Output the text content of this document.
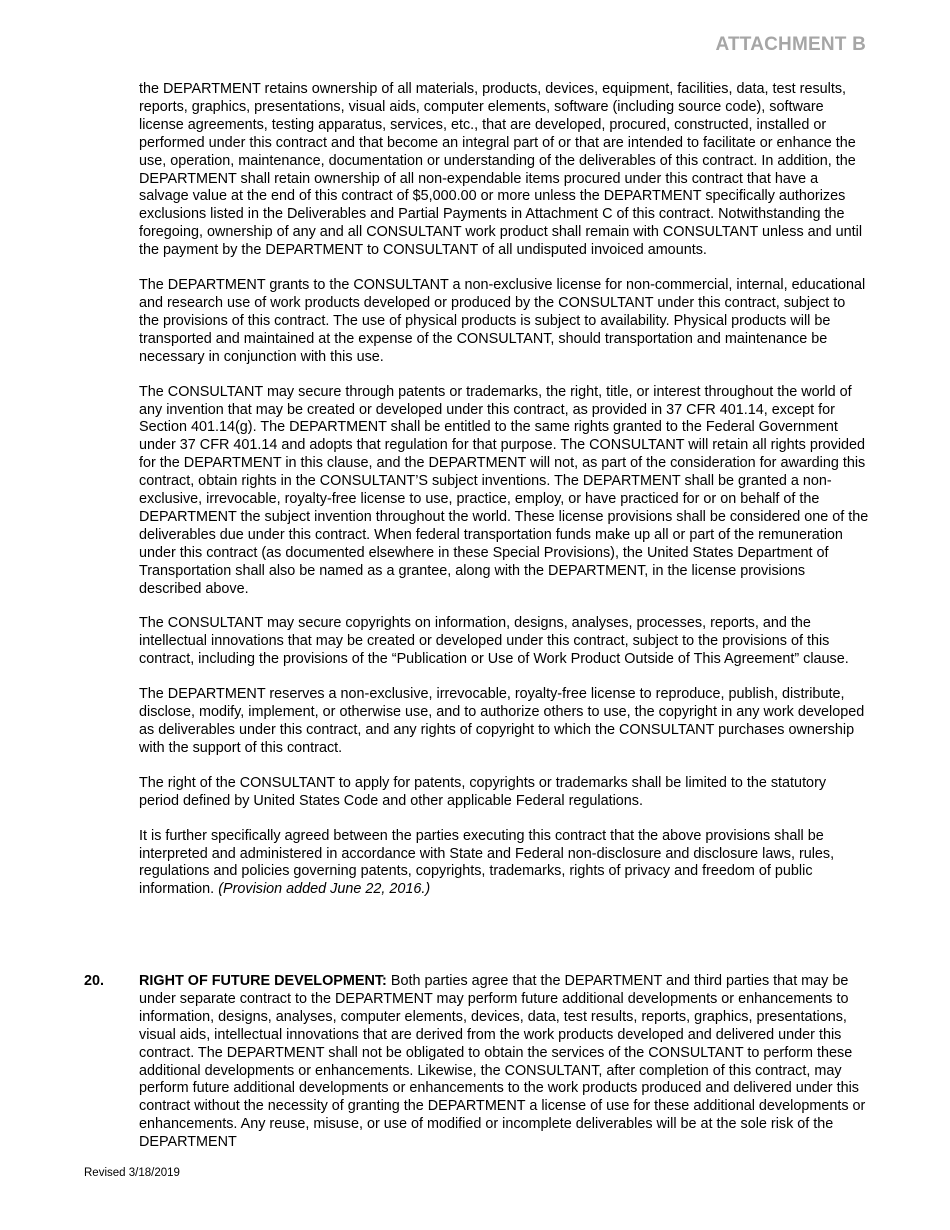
ATTACHMENT B

the DEPARTMENT retains ownership of all materials, products, devices, equipment, facilities, data, test results, reports, graphics, presentations, visual aids, computer elements, software (including source code), software license agreements, testing apparatus, services, etc., that are developed, procured, constructed, installed or performed under this contract and that become an integral part of or that are intended to facilitate or enhance the use, operation, maintenance, documentation or understanding of the deliverables of this contract. In addition, the DEPARTMENT shall retain ownership of all non-expendable items procured under this contract that have a salvage value at the end of this contract of $5,000.00 or more unless the DEPARTMENT specifically authorizes exclusions listed in the Deliverables and Partial Payments in Attachment C of this contract. Notwithstanding the foregoing, ownership of any and all CONSULTANT work product shall remain with CONSULTANT unless and until the payment by the DEPARTMENT to CONSULTANT of all undisputed invoiced amounts.

The DEPARTMENT grants to the CONSULTANT a non-exclusive license for non-commercial, internal, educational and research use of work products developed or produced by the CONSULTANT under this contract, subject to the provisions of this contract. The use of physical products is subject to availability. Physical products will be transported and maintained at the expense of the CONSULTANT, should transportation and maintenance be necessary in conjunction with this use.

The CONSULTANT may secure through patents or trademarks, the right, title, or interest throughout the world of any invention that may be created or developed under this contract, as provided in 37 CFR 401.14, except for Section 401.14(g). The DEPARTMENT shall be entitled to the same rights granted to the Federal Government under 37 CFR 401.14 and adopts that regulation for that purpose. The CONSULTANT will retain all rights provided for the DEPARTMENT in this clause, and the DEPARTMENT will not, as part of the consideration for awarding this contract, obtain rights in the CONSULTANT’S subject inventions. The DEPARTMENT shall be granted a non-exclusive, irrevocable, royalty-free license to use, practice, employ, or have practiced for or on behalf of the DEPARTMENT the subject invention throughout the world. These license provisions shall be considered one of the deliverables due under this contract. When federal transportation funds make up all or part of the remuneration under this contract (as documented elsewhere in these Special Provisions), the United States Department of Transportation shall also be named as a grantee, along with the DEPARTMENT, in the license provisions described above.

The CONSULTANT may secure copyrights on information, designs, analyses, processes, reports, and the intellectual innovations that may be created or developed under this contract, subject to the provisions of this contract, including the provisions of the “Publication or Use of Work Product Outside of This Agreement” clause.

The DEPARTMENT reserves a non-exclusive, irrevocable, royalty-free license to reproduce, publish, distribute, disclose, modify, implement, or otherwise use, and to authorize others to use, the copyright in any work developed as deliverables under this contract, and any rights of copyright to which the CONSULTANT purchases ownership with the support of this contract.

The right of the CONSULTANT to apply for patents, copyrights or trademarks shall be limited to the statutory period defined by United States Code and other applicable Federal regulations.

It is further specifically agreed between the parties executing this contract that the above provisions shall be interpreted and administered in accordance with State and Federal non-disclosure and disclosure laws, rules, regulations and policies governing patents, copyrights, trademarks, rights of privacy and freedom of public information. (Provision added June 22, 2016.)

20. RIGHT OF FUTURE DEVELOPMENT: Both parties agree that the DEPARTMENT and third parties that may be under separate contract to the DEPARTMENT may perform future additional developments or enhancements to information, designs, analyses, computer elements, devices, data, test results, reports, graphics, presentations, visual aids, intellectual innovations that are derived from the work products developed and delivered under this contract. The DEPARTMENT shall not be obligated to obtain the services of the CONSULTANT to perform these additional developments or enhancements. Likewise, the CONSULTANT, after completion of this contract, may perform future additional developments or enhancements to the work products produced and delivered under this contract without the necessity of granting the DEPARTMENT a license of use for these additional developments or enhancements. Any reuse, misuse, or use of modified or incomplete deliverables will be at the sole risk of the DEPARTMENT
Revised 3/18/2019
